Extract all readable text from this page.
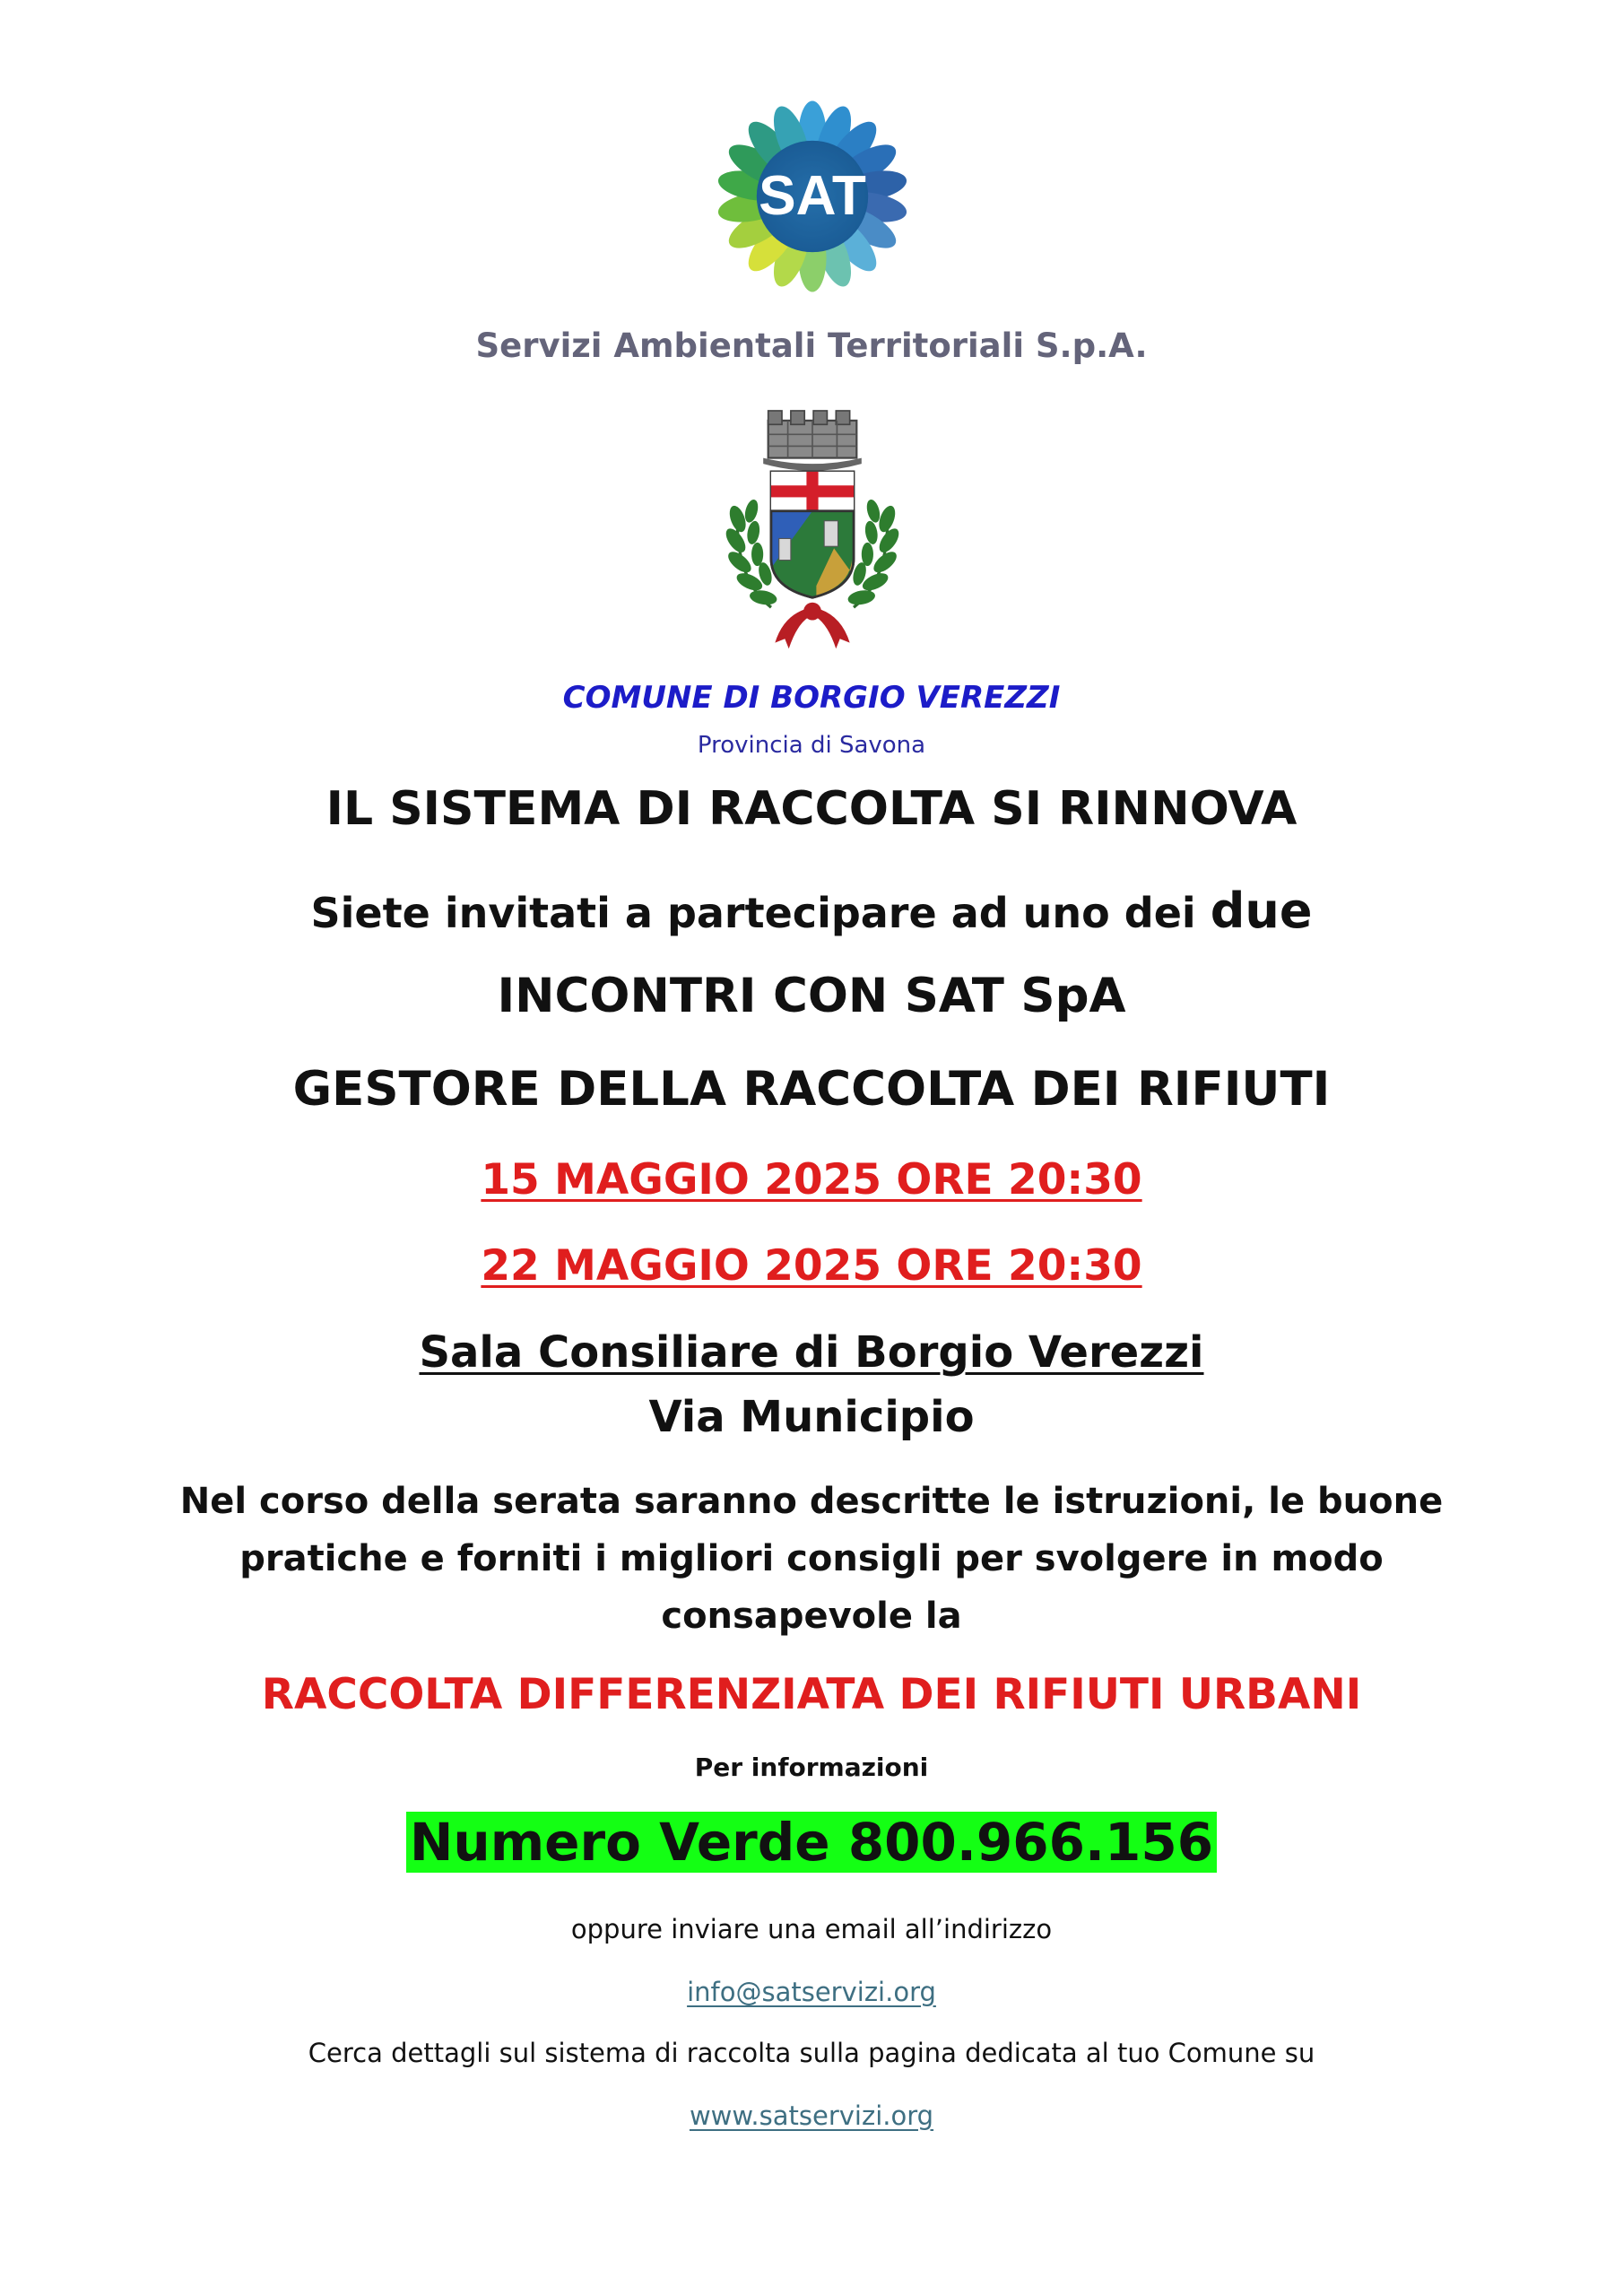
SAT
Servizi Ambientali Territoriali S.p.A.
COMUNE DI BORGIO VEREZZI
Provincia di Savona
IL SISTEMA DI RACCOLTA SI RINNOVA
Siete invitati a partecipare ad uno dei due
INCONTRI CON SAT SpA
GESTORE DELLA RACCOLTA DEI RIFIUTI
15 MAGGIO 2025 ORE 20:30
22 MAGGIO 2025 ORE 20:30
Sala Consiliare di Borgio Verezzi
Via Municipio
Nel corso della serata saranno descritte le istruzioni, le buone pratiche e forniti i migliori consigli per svolgere in modo consapevole la
RACCOLTA DIFFERENZIATA DEI RIFIUTI URBANI
Per informazioni
Numero Verde 800.966.156
oppure inviare una email all’indirizzo
info@satservizi.org
Cerca dettagli sul sistema di raccolta sulla pagina dedicata al tuo Comune su
www.satservizi.org
